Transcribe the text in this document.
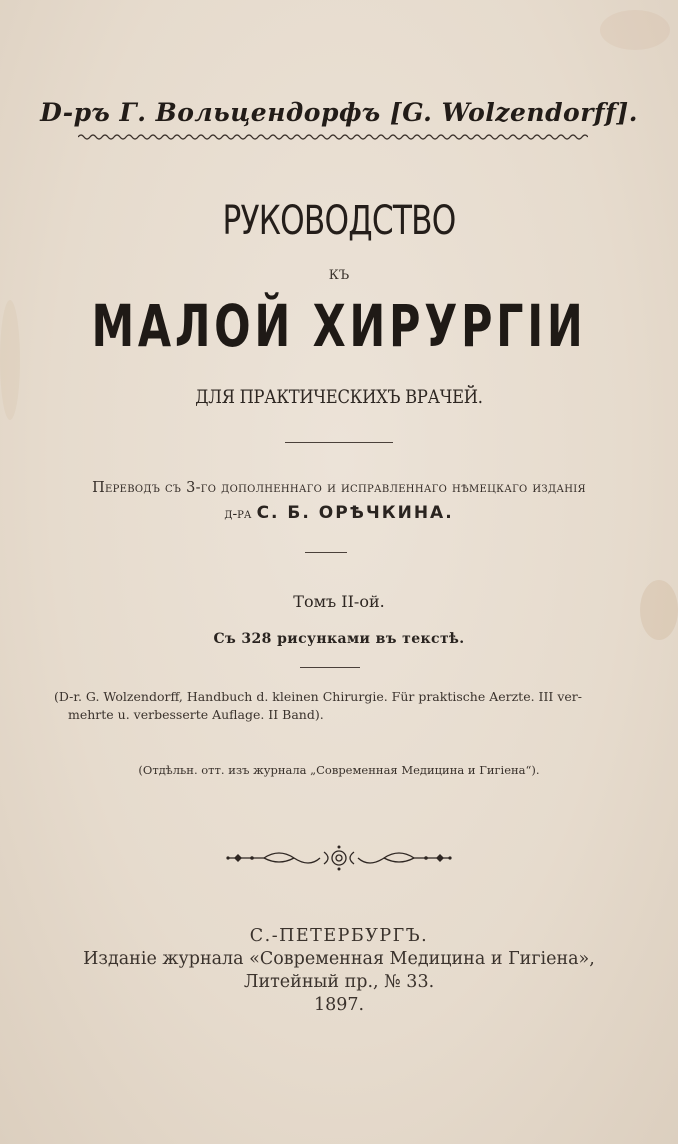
D-ръ Г. Вольцендорфъ [G. Wolzendorff].
РУКОВОДСТВО
КЪ
МАЛОЙ ХИРУРГІИ
ДЛЯ ПРАКТИЧЕСКИХЪ ВРАЧЕЙ.
Переводъ съ 3-го дополненнаго и исправленнаго нѣмецкаго изданія
д-ра С. Б. ОРѢЧКИНА.
Томъ II-ой.
Съ 328 рисунками въ текстѣ.
(D-r. G. Wolzendorff, Handbuch d. kleinen Chirurgie. Für praktische Aerzte. III ver-
mehrte u. verbesserte Auflage. II Band).
(Отдѣльн. отт. изъ журнала „Современная Медицина и Гигіена“).
С.-ПЕТЕРБУРГЪ.
Изданіе журнала «Современная Медицина и Гигіена»,
Литейный пр., № 33.
1897.
